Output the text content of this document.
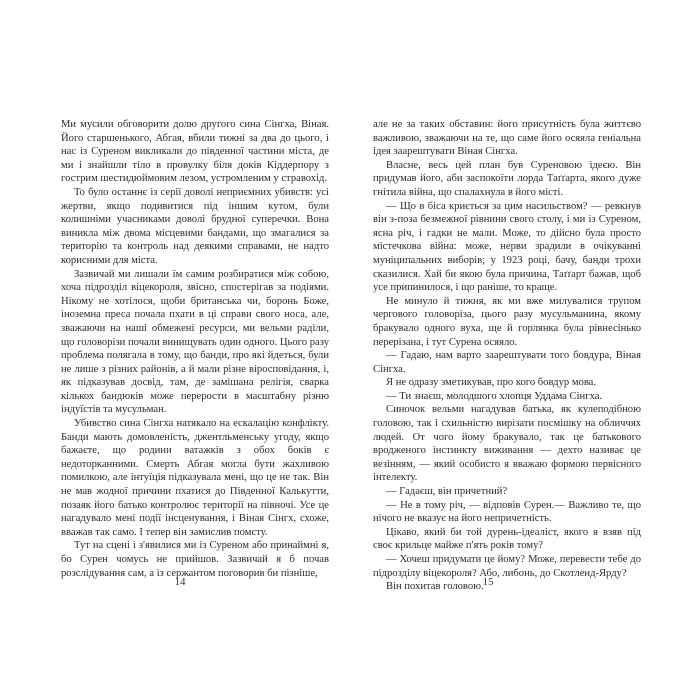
Ми мусили обговорити долю другого сина Сінгха, Віная. Його старшенького, Абгая, вбили тижні за два до цього, і нас із Суреном викликали до південної частини міста, де ми і знайшли тіло в провулку біля доків Кіддерпору з гострим шестидюймовим лезом, устромленим у стравохід.

То було останнє із серії доволі неприємних убивств: усі жертви, якщо подивитися під іншим кутом, були колишніми учасниками доволі брудної суперечки. Вона виникла між двома місцевими бандами, що змагалися за територію та контроль над деякими справами, не надто корисними для міста.

Зазвичай ми лишали їм самим розбиратися між собою, хоча підрозділ віцекороля, звісно, спостерігав за подіями. Нікому не хотілося, щоби британська чи, боронь Боже, іноземна преса почала пхати в ці справи свого носа, але, зважаючи на наші обмежені ресурси, ми вельми раділи, що головорізи почали винищувать один одного. Цього разу проблема полягала в тому, що банди, про які йдеться, були не лише з різних районів, а й мали різне віросповідання, і, як підказував досвід, там, де замішана релігія, сварка кількох бандюків може перерости в масштабну різню індуїстів та мусульман.

Убивство сина Сінгха натякало на ескалацію конфлікту. Банди мають домовленість, джентльменську угоду, якщо бажаєте, що родини ватажків з обох боків є недоторканними. Смерть Абгая могла бути жахливою помилкою, але інтуїція підказувала мені, що це не так. Він не мав жодної причини пхатися до Південної Калькутти, позаяк його батько контролює території на півночі. Усе це нагадувало мені події інсценування, і Віная Сінгх, схоже, вважав так само. І тепер він замислив помсту.

Тут на сцені і з'явилися ми із Суреном або принаймні я, бо Сурен чомусь не прийшов. Зазвичай я б почав розслідування сам, а із сержантом поговорив би пізніше,

але не за таких обставин: його присутність була життєво важливою, зважаючи на те, що саме його осяяла геніальна ідея заарештувати Віная Сінгха.

Власне, весь цей план був Суреновою ідеєю. Він придумав його, аби заспокоїти лорда Таґґарта, якого дуже гнітила війна, що спалахнула в його місті.

— Що в біса криється за цим насильством? — ревкнув він з-поза безмежної рівнини свого столу, і ми із Суреном, ясна річ, і гадки не мали. Може, то дійсно була просто містечкова війна: може, нерви зрадили в очікуванні муніципальних виборів; у 1923 році, бачу, банди трохи сказилися. Хай би якою була причина, Таґґарт бажав, щоб усе припинилося, і що раніше, то краще.

Не минуло й тижня, як ми вже милувалися трупом чергового головоріза, цього разу мусульманина, якому бракувало одного вуха, ще й горлянка була рівнесінько перерізана, і тут Сурена осяяло.

— Гадаю, нам варто заарештувати того бовдура, Віная Сінгха.

Я не одразу зметикував, про кого бовдур мова.

— Ти знаєш, молодшого хлопця Уддама Сінгха.

Синочок вельми нагадував батька, як кулеподібною головою, так і схильністю вирізати посмішку на обличчях людей. От чого йому бракувало, так це батькового вродженого інстинкту виживання — дехто називає це везінням, — який особисто я вважаю формою первісного інтелекту.

— Гадаєш, він причетний?

— Не в тому річ, — відповів Сурен.— Важливо те, що нічого не вказує на його непричетність.

Цікаво, який би той дурень-ідеаліст, якого я взяв під своє крильце майже п'ять років тому?

— Хочеш придумати це йому? Може, перевести тебе до підрозділу віцекороля? Або, либонь, до Скотленд-Ярду?

Він похитав головою.

14	15
